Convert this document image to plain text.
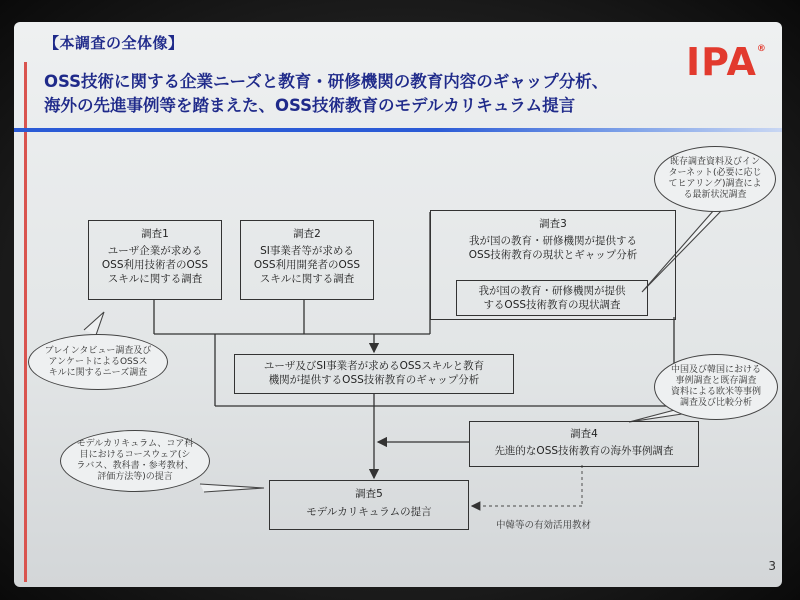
【本調査の全体像】
OSS技術に関する企業ニーズと教育・研修機関の教育内容のギャップ分析、
海外の先進事例等を踏まえた、OSS技術教育のモデルカリキュラム提言
IPA®
調査1
ユーザ企業が求める
OSS利用技術者のOSS
スキルに関する調査
調査2
SI事業者等が求める
OSS利用開発者のOSS
スキルに関する調査
調査3
我が国の教育・研修機関が提供する
OSS技術教育の現状とギャップ分析
我が国の教育・研修機関が提供
するOSS技術教育の現状調査
ユーザ及びSI事業者が求めるOSSスキルと教育
機関が提供するOSS技術教育のギャップ分析
調査4
先進的なOSS技術教育の海外事例調査
調査5
モデルカリキュラムの提言
中韓等の有効活用教材
ブレインタビュー調査及び
アンケートによるOSSス
キルに関するニーズ調査
既存調査資料及びイン
ターネット(必要に応じ
てヒアリング)調査によ
る最新状況調査
中国及び韓国における
事例調査と既存調査
資料による欧米等事例
調査及び比較分析
モデルカリキュラム、コア科
目におけるコースウェア(シ
ラバス、教科書・参考教材、
評価方法等)の提言
3
